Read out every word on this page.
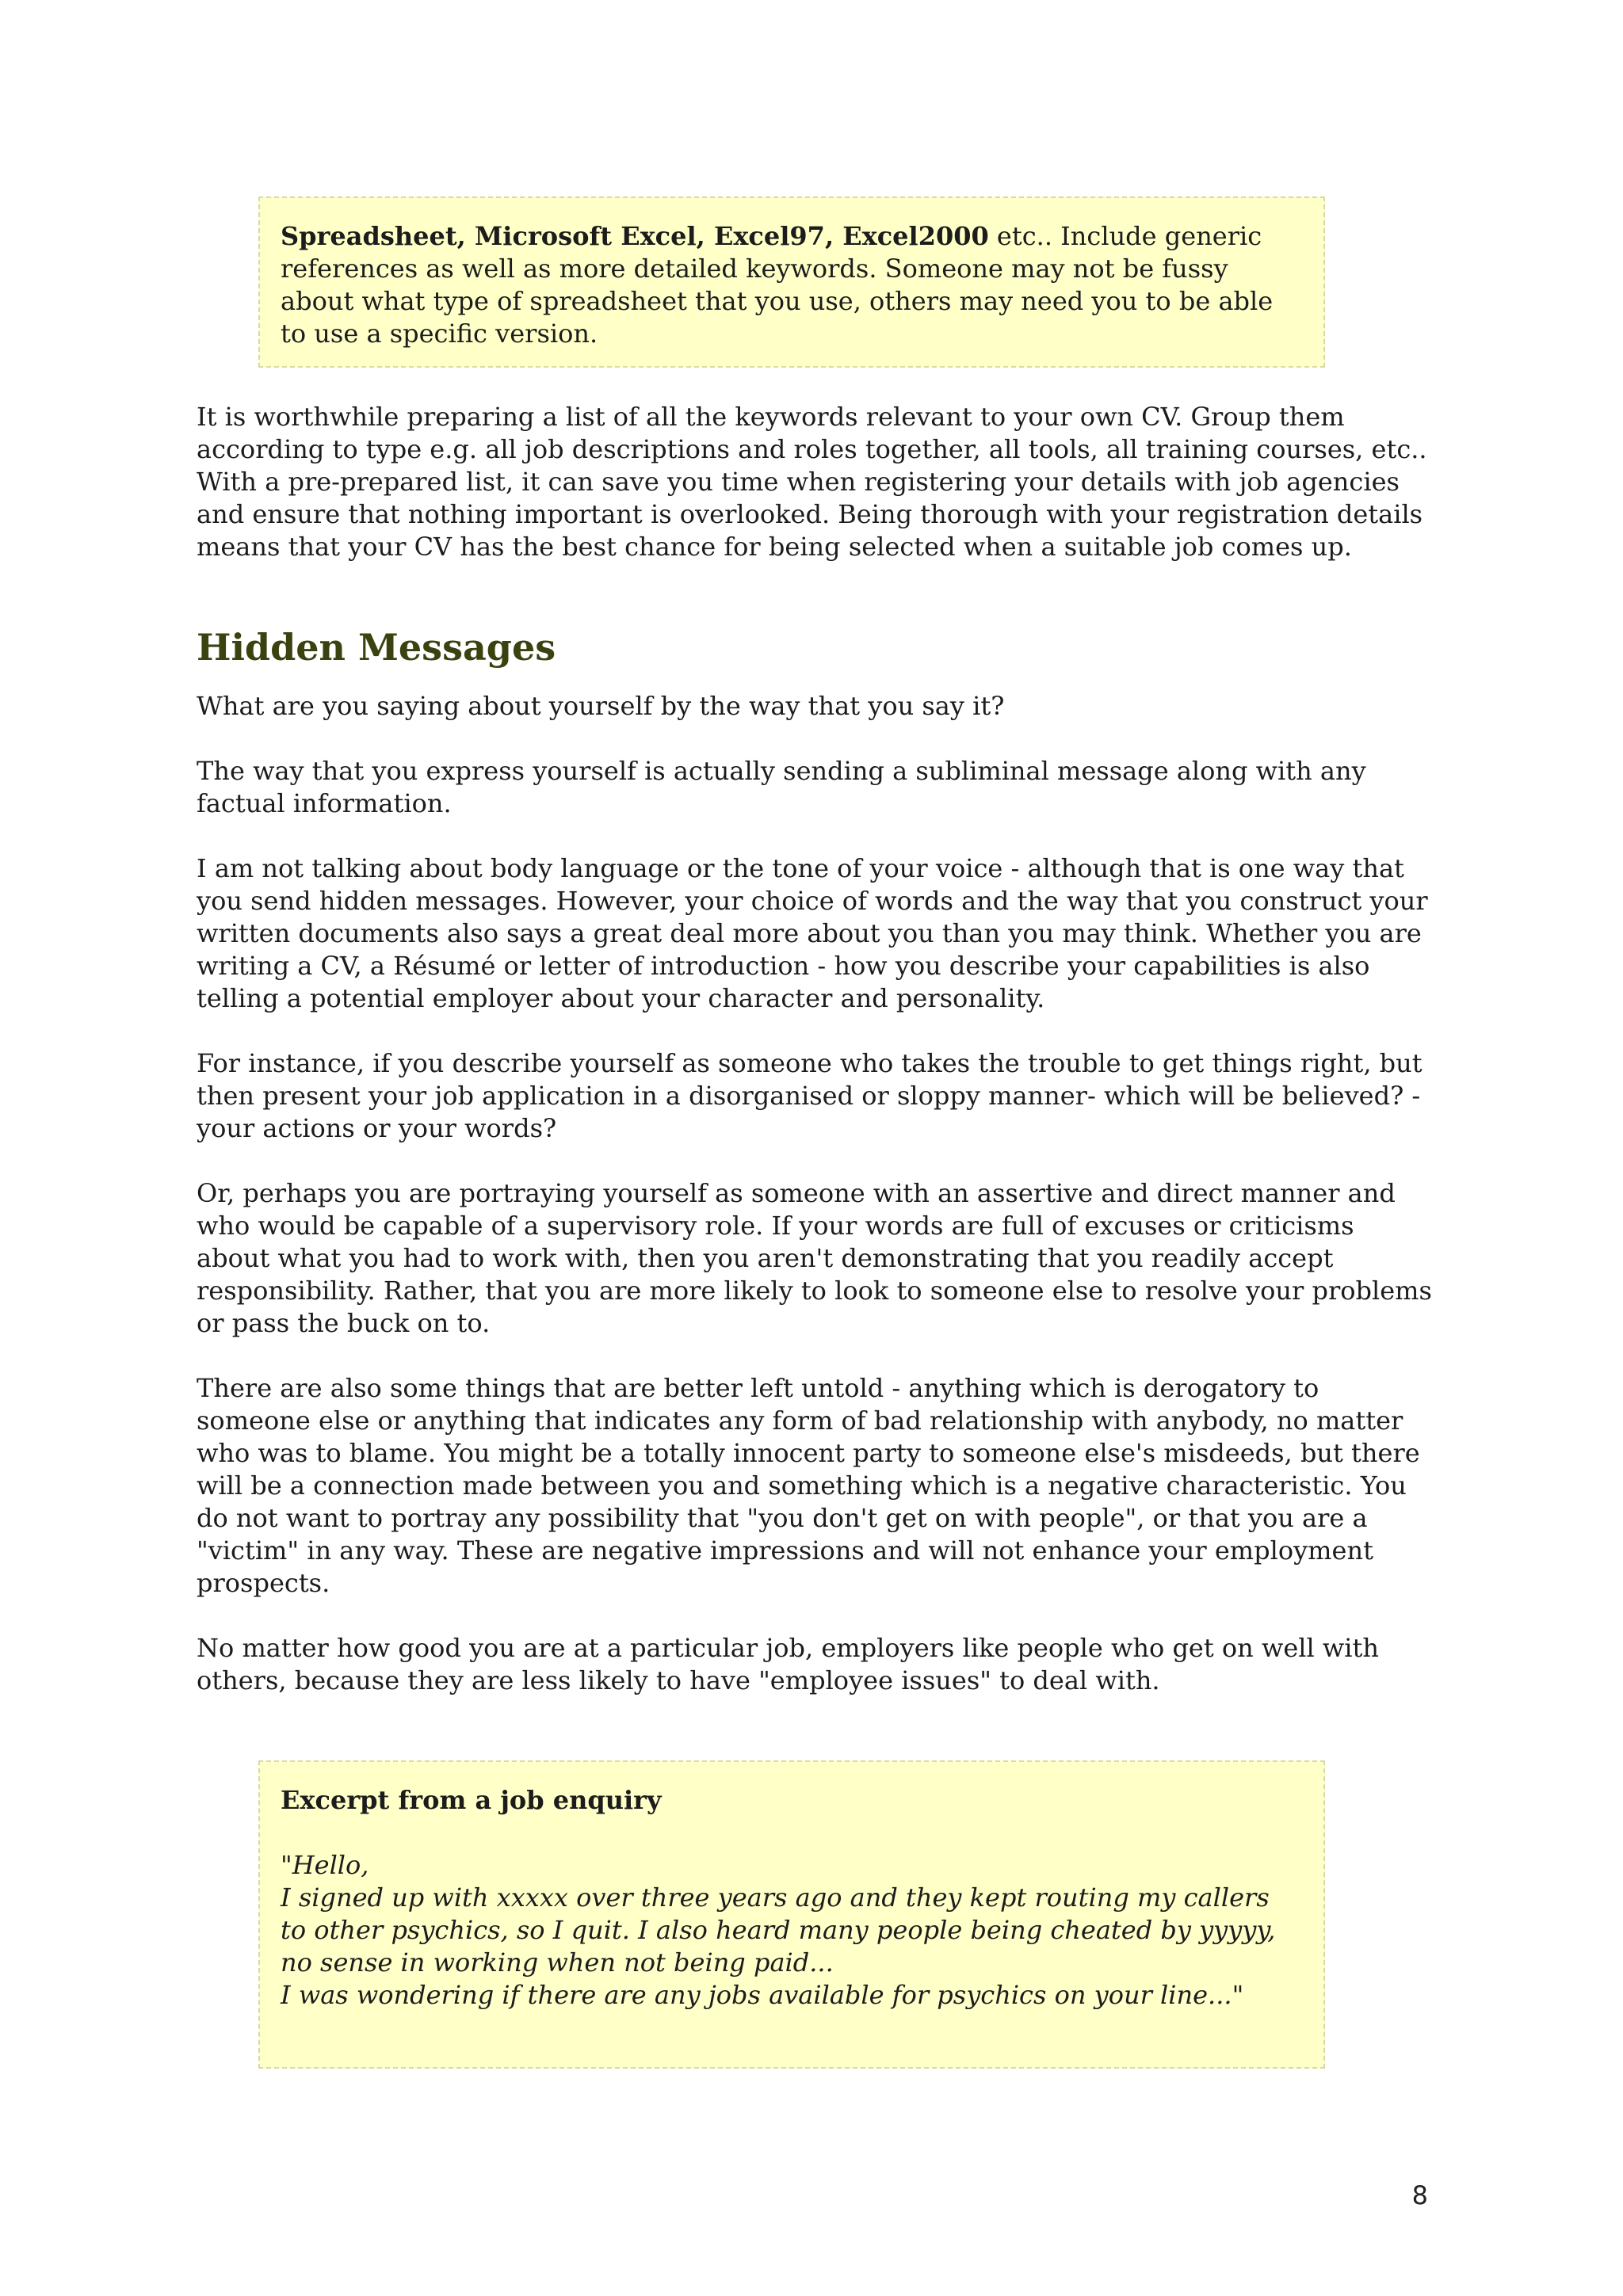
Spreadsheet, Microsoft Excel, Excel97, Excel2000 etc.. Include generic references as well as more detailed keywords. Someone may not be fussy about what type of spreadsheet that you use, others may need you to be able to use a specific version.

It is worthwhile preparing a list of all the keywords relevant to your own CV. Group them according to type e.g. all job descriptions and roles together, all tools, all training courses, etc.. With a pre-prepared list, it can save you time when registering your details with job agencies and ensure that nothing important is overlooked. Being thorough with your registration details means that your CV has the best chance for being selected when a suitable job comes up.

Hidden Messages

What are you saying about yourself by the way that you say it?

The way that you express yourself is actually sending a subliminal message along with any factual information.

I am not talking about body language or the tone of your voice - although that is one way that you send hidden messages. However, your choice of words and the way that you construct your written documents also says a great deal more about you than you may think. Whether you are writing a CV, a Résumé or letter of introduction - how you describe your capabilities is also telling a potential employer about your character and personality.

For instance, if you describe yourself as someone who takes the trouble to get things right, but then present your job application in a disorganised or sloppy manner- which will be believed? - your actions or your words?

Or, perhaps you are portraying yourself as someone with an assertive and direct manner and who would be capable of a supervisory role. If your words are full of excuses or criticisms about what you had to work with, then you aren't demonstrating that you readily accept responsibility. Rather, that you are more likely to look to someone else to resolve your problems or pass the buck on to.

There are also some things that are better left untold - anything which is derogatory to someone else or anything that indicates any form of bad relationship with anybody, no matter who was to blame. You might be a totally innocent party to someone else's misdeeds, but there will be a connection made between you and something which is a negative characteristic. You do not want to portray any possibility that "you don't get on with people", or that you are a "victim" in any way. These are negative impressions and will not enhance your employment prospects.

No matter how good you are at a particular job, employers like people who get on well with others, because they are less likely to have "employee issues" to deal with.

Excerpt from a job enquiry

"Hello,
I signed up with xxxxx over three years ago and they kept routing my callers to other psychics, so I quit. I also heard many people being cheated by yyyyy, no sense in working when not being paid...
I was wondering if there are any jobs available for psychics on your line..."

8
